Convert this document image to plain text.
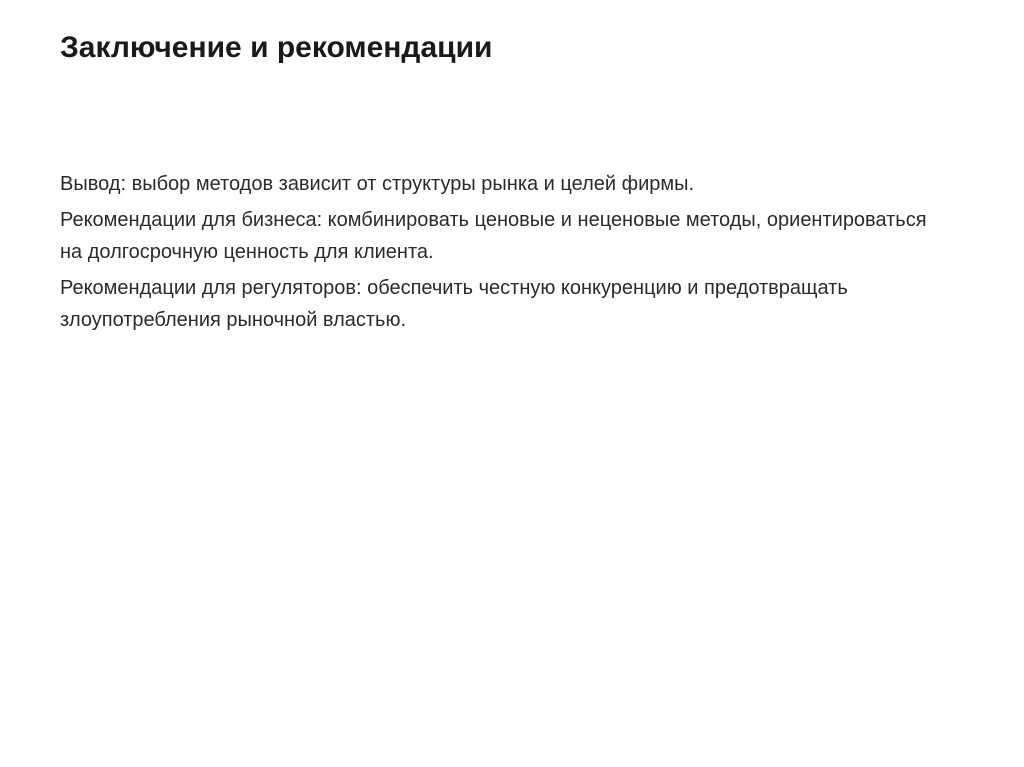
Заключение и рекомендации

Вывод: выбор методов зависит от структуры рынка и целей фирмы.

Рекомендации для бизнеса: комбинировать ценовые и неценовые методы, ориентироваться на долгосрочную ценность для клиента.

Рекомендации для регуляторов: обеспечить честную конкуренцию и предотвращать злоупотребления рыночной властью.
